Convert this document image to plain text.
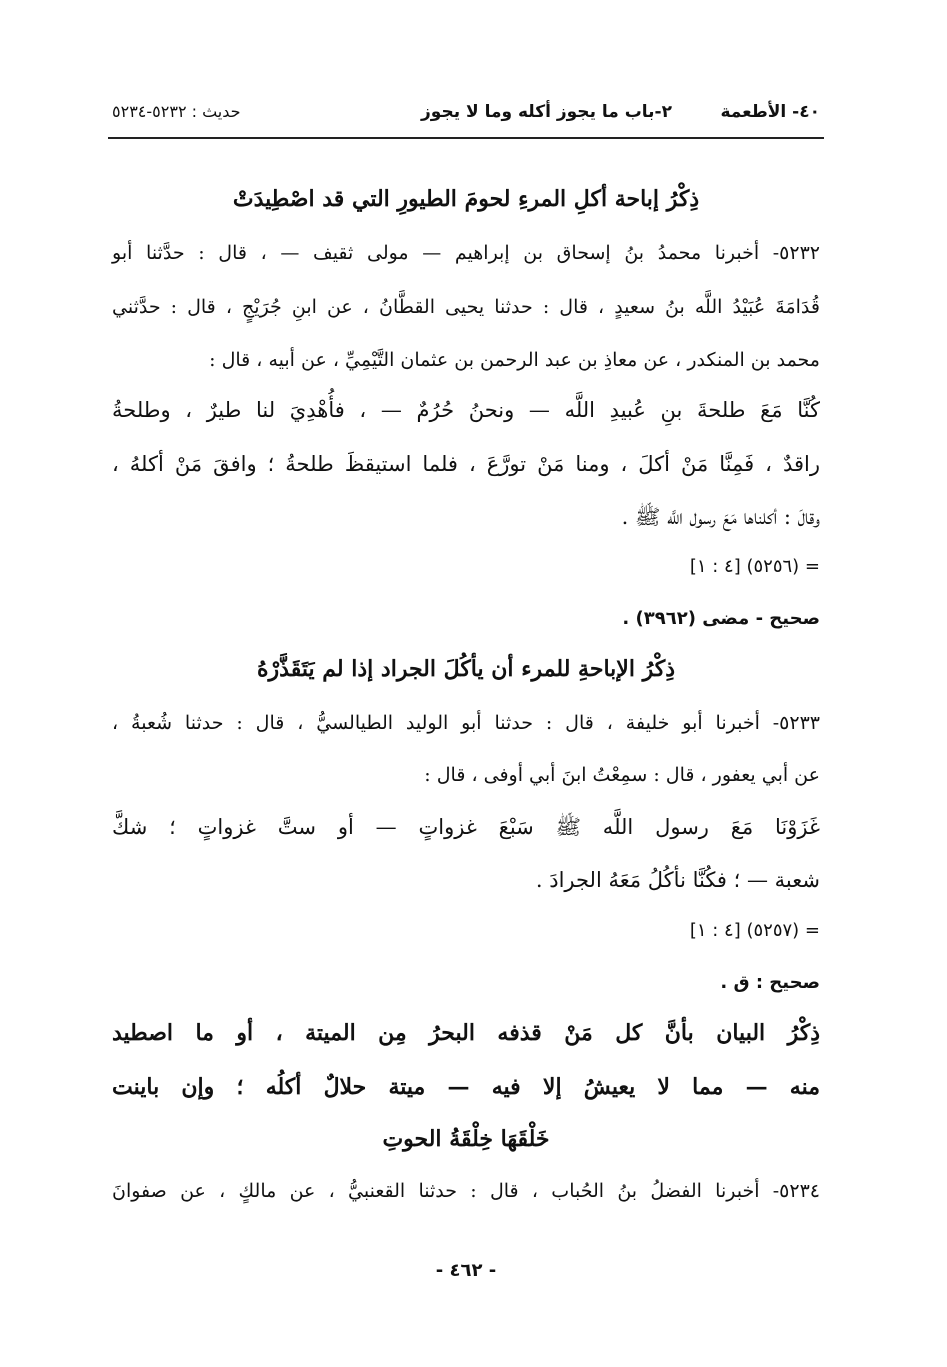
٤٠- الأطعمة
٢-باب ما يجوز أكله وما لا يجوز
حديث : ٥٢٣٢-٥٢٣٤
ذِكْرُ إباحة أكلِ المرءِ لحومَ الطيورِ التي قد اصْطِيدَتْ
٥٢٣٢- أخبرنا محمدُ بنُ إسحاق بن إبراهيم — مولى ثقيف — ، قال : حدَّثنا أبو
قُدَامَةَ عُبَيْدُ اللَّه بنُ سعيدٍ ، قال : حدثنا يحيى القطَّانُ ، عن ابنِ جُرَيْجٍ ، قال : حدَّثني
محمد بن المنكدر ، عن معاذِ بن عبد الرحمن بن عثمان التَّيْمِيِّ ، عن أبيه ، قال :
كُنَّا مَعَ طلحةَ بنِ عُبيدِ اللَّه — ونحنُ حُرُمٌ — ، فأُهْدِيَ لنا طيرٌ ، وطلحةُ
راقدٌ ، فَمِنَّا مَنْ أكلَ ، ومنا مَنْ تورَّعَ ، فلما استيقظَ طلحةُ ؛ وافقَ مَنْ أكلهُ ،
وقالَ : أكلناها مَعَ رسول اللَّه ﷺ .
= (٥٢٥٦) [٤ : ١]
صحيح - مضى (٣٩٦٢) .
ذِكْرُ الإباحةِ للمرء أن يأكُلَ الجراد إذا لم يَتَقَذَّرْهُ
٥٢٣٣- أخبرنا أبو خليفة ، قال : حدثنا أبو الوليد الطيالسيُّ ، قال : حدثنا شُعبةُ ،
عن أبي يعفور ، قال : سمِعْتُ ابنَ أبي أوفى ، قال :
غَزَوْنَا مَعَ رسول اللَّه ﷺ سَبْعَ غزواتٍ — أو ستَّ غزواتٍ ؛ شكَّ
شعبة — ؛ فكُنَّا نأكُلُ مَعَهُ الجرادَ .
= (٥٢٥٧) [٤ : ١]
صحيح : ق .
ذِكْرُ البيان بأنَّ كل مَنْ قذفه البحرُ مِن الميتة ، أو ما اصطيد
منه — مما لا يعيشُ إلا فيه — ميتة حلالٌ أكلُه ؛ وإن باينت
خَلْقَهَا خِلْقَةُ الحوتِ
٥٢٣٤- أخبرنا الفضلُ بنُ الحُباب ، قال : حدثنا القعنبيُّ ، عن مالكٍ ، عن صفوانَ
- ٤٦٢ -
